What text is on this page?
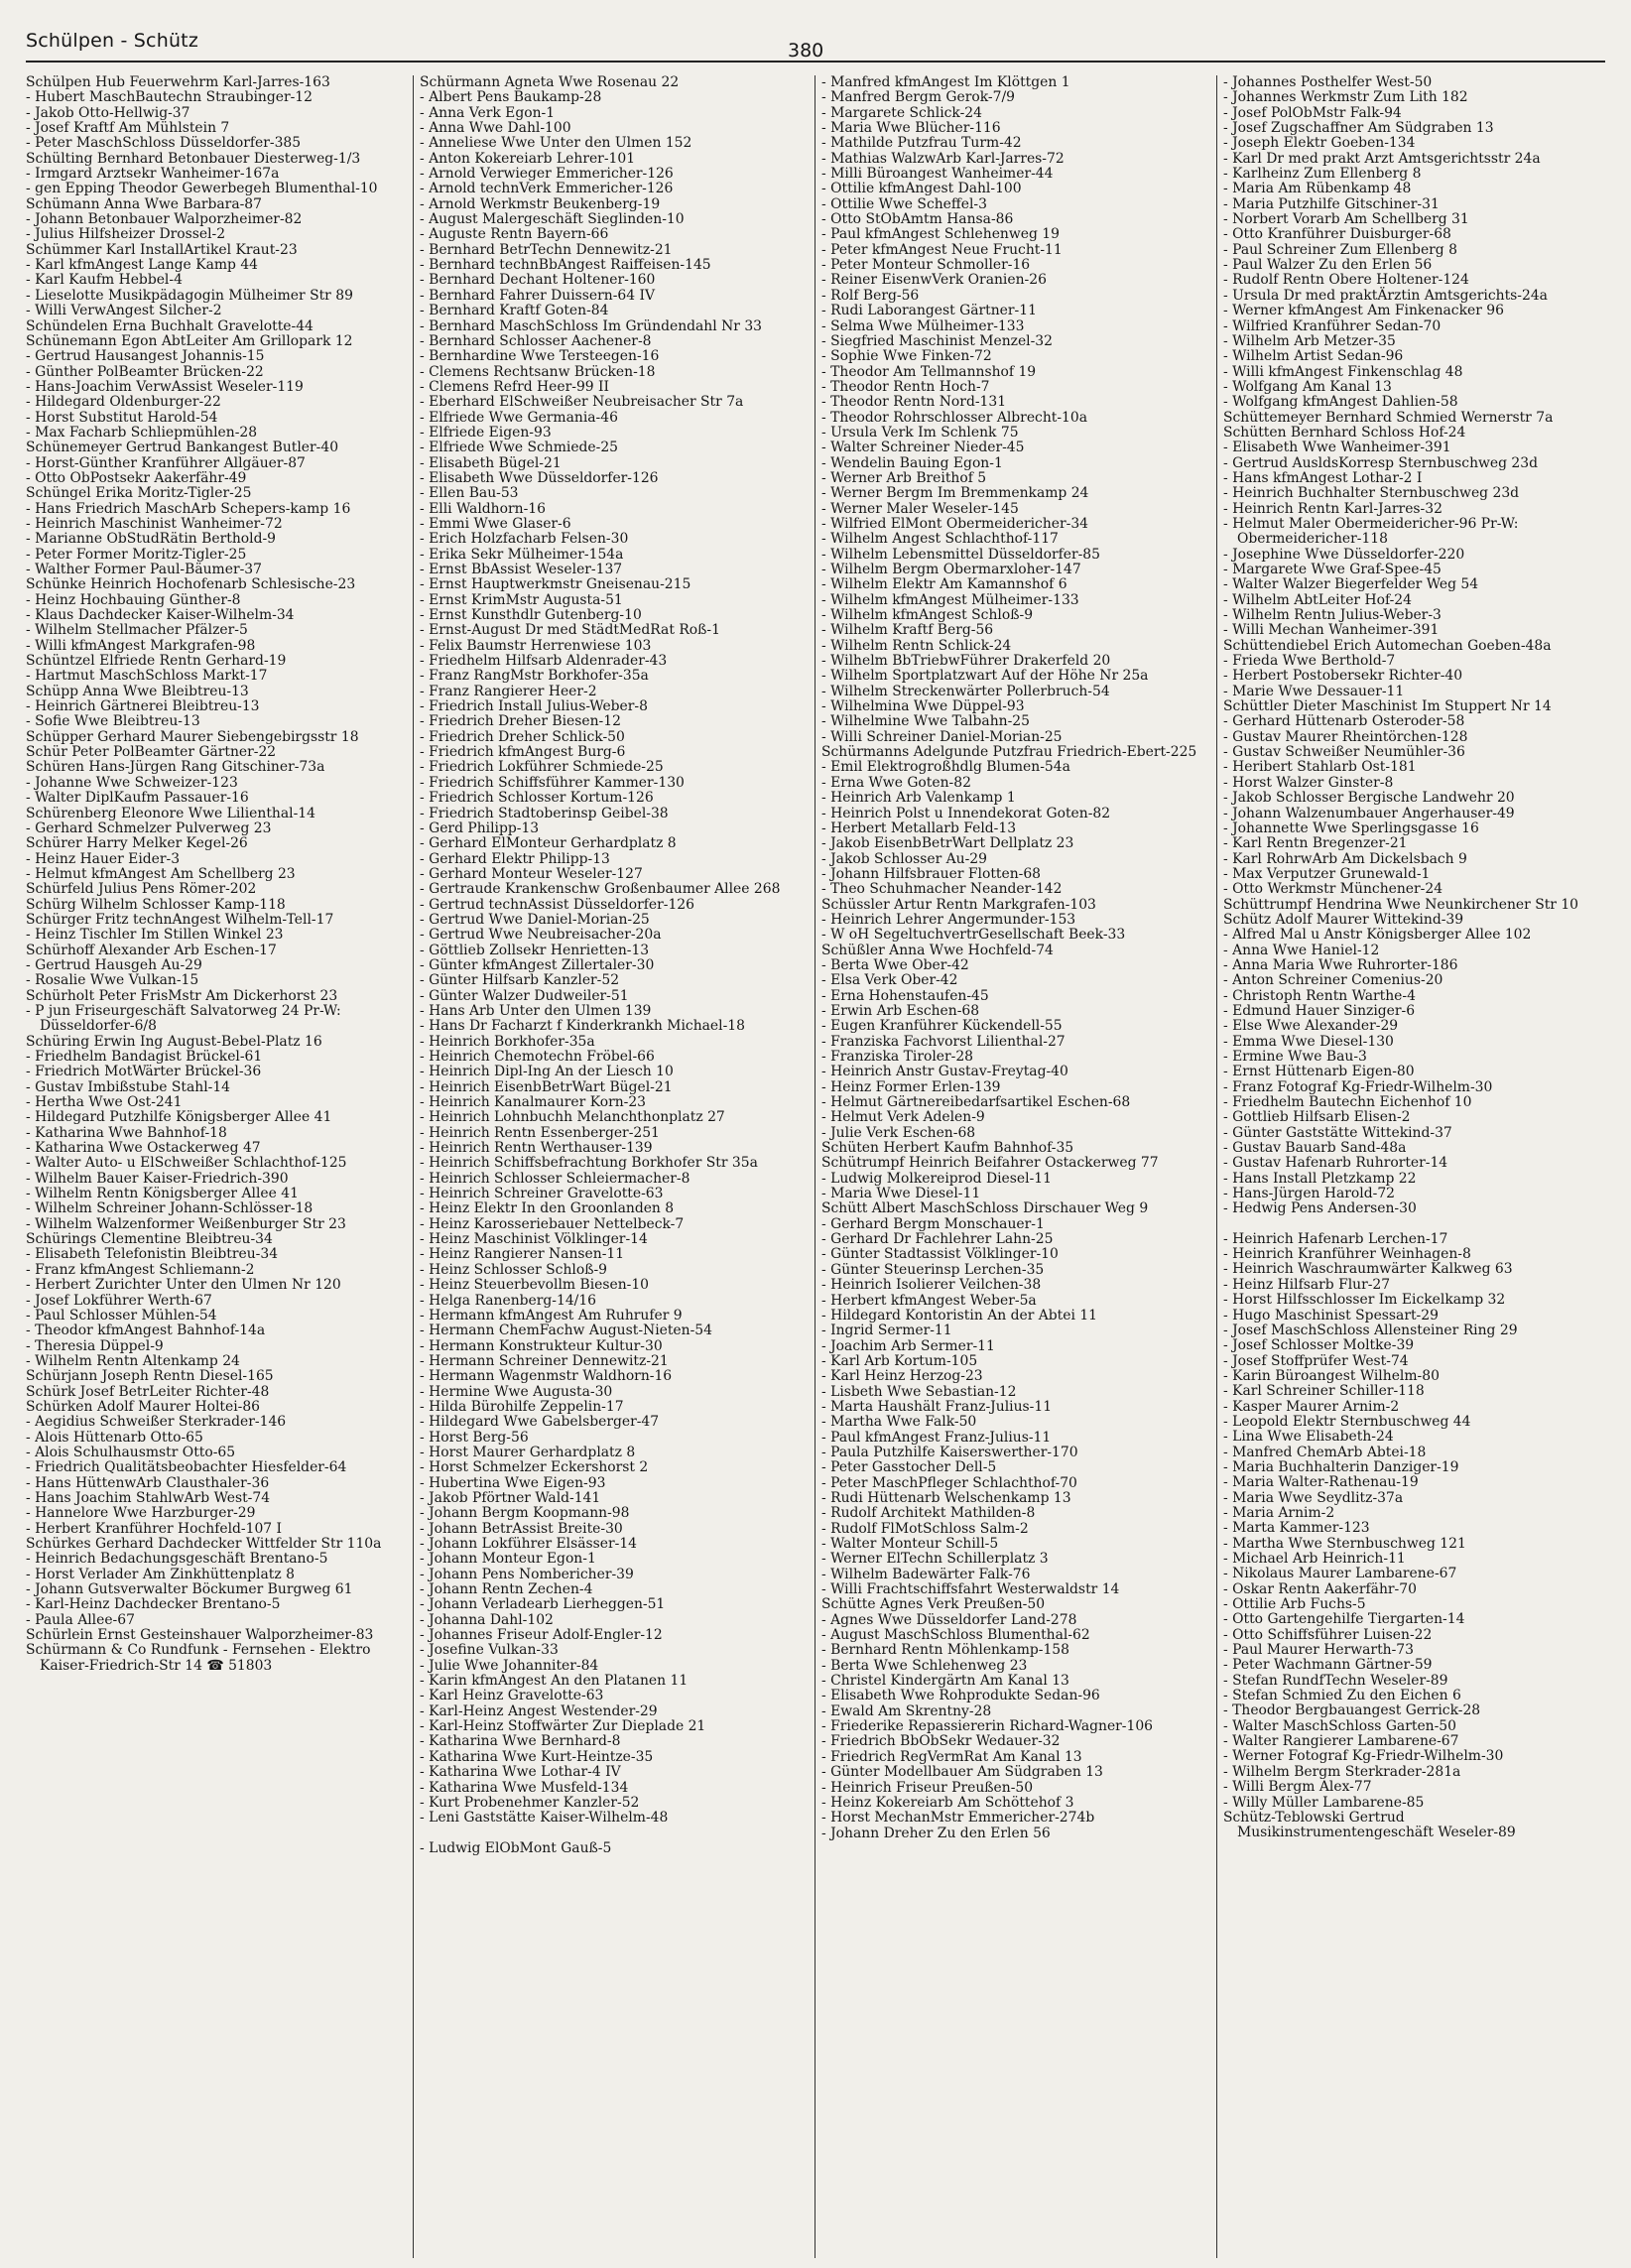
Schülpen - Schütz	380
Schülpen Hub Feuerwehrm Karl-Jarres-163
- Hubert MaschBautechn Straubinger-12
- Jakob Otto-Hellwig-37
- Josef Kraftf Am Mühlstein 7
- Peter MaschSchloss Düsseldorfer-385
Schülting Bernhard Betonbauer Diesterweg-1/3
- Irmgard Arztsekr Wanheimer-167a
- gen Epping Theodor Gewerbegeh Blumenthal-10
Schümann Anna Wwe Barbara-87
- Johann Betonbauer Walporzheimer-82
- Julius Hilfsheizer Drossel-2
Schümmer Karl InstallArtikel Kraut-23
- Karl kfmAngest Lange Kamp 44
- Karl Kaufm Hebbel-4
- Lieselotte Musikpädagogin Mülheimer Str 89
- Willi VerwAngest Silcher-2
Schündelen Erna Buchhalt Gravelotte-44
Schünemann Egon AbtLeiter Am Grillopark 12
- Gertrud Hausangest Johannis-15
- Günther PolBeamter Brücken-22
- Hans-Joachim VerwAssist Weseler-119
- Hildegard Oldenburger-22
- Horst Substitut Harold-54
- Max Facharb Schliepmühlen-28
Schünemeyer Gertrud Bankangest Butler-40
- Horst-Günther Kranführer Allgäuer-87
- Otto ObPostsekr Aakerfähr-49
Schüngel Erika Moritz-Tigler-25
- Hans Friedrich MaschArb Schepers-kamp 16
- Heinrich Maschinist Wanheimer-72
- Marianne ObStudRätin Berthold-9
- Peter Former Moritz-Tigler-25
- Walther Former Paul-Bäumer-37
Schünke Heinrich Hochofenarb Schlesische-23
- Heinz Hochbauing Günther-8
- Klaus Dachdecker Kaiser-Wilhelm-34
- Wilhelm Stellmacher Pfälzer-5
- Willi kfmAngest Markgrafen-98
Schüntzel Elfriede Rentn Gerhard-19
- Hartmut MaschSchloss Markt-17
Schüpp Anna Wwe Bleibtreu-13
- Heinrich Gärtnerei Bleibtreu-13
- Sofie Wwe Bleibtreu-13
Schüpper Gerhard Maurer Siebengebirgsstr 18
Schür Peter PolBeamter Gärtner-22
Schüren Hans-Jürgen Rang Gitschiner-73a
- Johanne Wwe Schweizer-123
- Walter DiplKaufm Passauer-16
Schürenberg Eleonore Wwe Lilienthal-14
- Gerhard Schmelzer Pulverweg 23
Schürer Harry Melker Kegel-26
- Heinz Hauer Eider-3
- Helmut kfmAngest Am Schellberg 23
Schürfeld Julius Pens Römer-202
Schürg Wilhelm Schlosser Kamp-118
Schürger Fritz technAngest Wilhelm-Tell-17
- Heinz Tischler Im Stillen Winkel 23
Schürhoff Alexander Arb Eschen-17
- Gertrud Hausgeh Au-29
- Rosalie Wwe Vulkan-15
Schürholt Peter FrisMstr Am Dickerhorst 23
- P jun Friseurgeschäft Salvatorweg 24 Pr-W: Düsseldorfer-6/8
Schüring Erwin Ing August-Bebel-Platz 16
- Friedhelm Bandagist Brückel-61
- Friedrich MotWärter Brückel-36
- Gustav Imbißstube Stahl-14
- Hertha Wwe Ost-241
- Hildegard Putzhilfe Königsberger Allee 41
- Katharina Wwe Bahnhof-18
- Katharina Wwe Ostackerweg 47
- Walter Auto- u ElSchweißer Schlachthof-125
- Wilhelm Bauer Kaiser-Friedrich-390
- Wilhelm Rentn Königsberger Allee 41
- Wilhelm Schreiner Johann-Schlösser-18
- Wilhelm Walzenformer Weißenburger Str 23
Schürings Clementine Bleibtreu-34
- Elisabeth Telefonistin Bleibtreu-34
- Franz kfmAngest Schliemann-2
- Herbert Zurichter Unter den Ulmen Nr 120
- Josef Lokführer Werth-67
- Paul Schlosser Mühlen-54
- Theodor kfmAngest Bahnhof-14a
- Theresia Düppel-9
- Wilhelm Rentn Altenkamp 24
Schürjann Joseph Rentn Diesel-165
Schürk Josef BetrLeiter Richter-48
Schürken Adolf Maurer Holtei-86
- Aegidius Schweißer Sterkrader-146
- Alois Hüttenarb Otto-65
- Alois Schulhausmstr Otto-65
- Friedrich Qualitätsbeobachter Hiesfelder-64
- Hans HüttenwArb Clausthaler-36
- Hans Joachim StahlwArb West-74
- Hannelore Wwe Harzburger-29
- Herbert Kranführer Hochfeld-107 I
Schürkes Gerhard Dachdecker Wittfelder Str 110a
- Heinrich Bedachungsgeschäft Brentano-5
- Horst Verlader Am Zinkhüttenplatz 8
- Johann Gutsverwalter Böckumer Burgweg 61
- Karl-Heinz Dachdecker Brentano-5
- Paula Allee-67
Schürlein Ernst Gesteinshauer Walporzheimer-83
Schürmann & Co Rundfunk - Fernsehen - Elektro Kaiser-Friedrich-Str 14 ☎ 51803
Schürmann Agneta Wwe Rosenau 22
- Albert Pens Baukamp-28
- Anna Verk Egon-1
- Anna Wwe Dahl-100
- Anneliese Wwe Unter den Ulmen 152
- Anton Kokereiarb Lehrer-101
- Arnold Verwieger Emmericher-126
- Arnold technVerk Emmericher-126
- Arnold Werkmstr Beukenberg-19
- August Malergeschäft Sieglinden-10
- Auguste Rentn Bayern-66
- Bernhard BetrTechn Dennewitz-21
- Bernhard technBbAngest Raiffeisen-145
- Bernhard Dechant Holtener-160
- Bernhard Fahrer Duissern-64 IV
- Bernhard Kraftf Goten-84
- Bernhard MaschSchloss Im Gründendahl Nr 33
- Bernhard Schlosser Aachener-8
- Bernhardine Wwe Tersteegen-16
- Clemens Rechtsanw Brücken-18
- Clemens Refrd Heer-99 II
- Eberhard ElSchweißer Neubreisacher Str 7a
- Elfriede Wwe Germania-46
- Elfriede Eigen-93
- Elfriede Wwe Schmiede-25
- Elisabeth Bügel-21
- Elisabeth Wwe Düsseldorfer-126
- Ellen Bau-53
- Elli Waldhorn-16
- Emmi Wwe Glaser-6
- Erich Holzfacharb Felsen-30
- Erika Sekr Mülheimer-154a
- Ernst BbAssist Weseler-137
- Ernst Hauptwerkmstr Gneisenau-215
- Ernst KrimMstr Augusta-51
- Ernst Kunsthdlr Gutenberg-10
- Ernst-August Dr med StädtMedRat Roß-1
- Felix Baumstr Herrenwiese 103
- Friedhelm Hilfsarb Aldenrader-43
- Franz RangMstr Borkhofer-35a
- Franz Rangierer Heer-2
- Friedrich Install Julius-Weber-8
- Friedrich Dreher Biesen-12
- Friedrich Dreher Schlick-50
- Friedrich kfmAngest Burg-6
- Friedrich Lokführer Schmiede-25
- Friedrich Schiffsführer Kammer-130
- Friedrich Schlosser Kortum-126
- Friedrich Stadtoberinsp Geibel-38
- Gerd Philipp-13
- Gerhard ElMonteur Gerhardplatz 8
- Gerhard Elektr Philipp-13
- Gerhard Monteur Weseler-127
- Gertraude Krankenschw Großenbaumer Allee 268
- Gertrud technAssist Düsseldorfer-126
- Gertrud Wwe Daniel-Morian-25
- Gertrud Wwe Neubreisacher-20a
- Göttlieb Zollsekr Henrietten-13
- Günter kfmAngest Zillertaler-30
- Günter Hilfsarb Kanzler-52
- Günter Walzer Dudweiler-51
- Hans Arb Unter den Ulmen 139
- Hans Dr Facharzt f Kinderkrankh Michael-18
- Heinrich Borkhofer-35a
- Heinrich Chemotechn Fröbel-66
- Heinrich Dipl-Ing An der Liesch 10
- Heinrich EisenbBetrWart Bügel-21
- Heinrich Kanalmaurer Korn-23
- Heinrich Lohnbuchh Melanchthonplatz 27
- Heinrich Rentn Essenberger-251
- Heinrich Rentn Werthauser-139
- Heinrich Schiffsbefrachtung Borkhofer Str 35a
- Heinrich Schlosser Schleiermacher-8
- Heinrich Schreiner Gravelotte-63
- Heinz Elektr In den Groonlanden 8
- Heinz Karosseriebauer Nettelbeck-7
- Heinz Maschinist Völklinger-14
- Heinz Rangierer Nansen-11
- Heinz Schlosser Schloß-9
- Heinz Steuerbevollm Biesen-10
- Helga Ranenberg-14/16
- Hermann kfmAngest Am Ruhrufer 9
- Hermann ChemFachw August-Nieten-54
- Hermann Konstrukteur Kultur-30
- Hermann Schreiner Dennewitz-21
- Hermann Wagenmstr Waldhorn-16
- Hermine Wwe Augusta-30
- Hilda Bürohilfe Zeppelin-17
- Hildegard Wwe Gabelsberger-47
- Horst Berg-56
- Horst Maurer Gerhardplatz 8
- Horst Schmelzer Eckershorst 2
- Hubertina Wwe Eigen-93
- Jakob Pförtner Wald-141
- Johann Bergm Koopmann-98
- Johann BetrAssist Breite-30
- Johann Lokführer Elsässer-14
- Johann Monteur Egon-1
- Johann Pens Nombericher-39
- Johann Rentn Zechen-4
- Johann Verladearb Lierheggen-51
- Johanna Dahl-102
- Johannes Friseur Adolf-Engler-12
- Josefine Vulkan-33
- Julie Wwe Johanniter-84
- Karin kfmAngest An den Platanen 11
- Karl Heinz Gravelotte-63
- Karl-Heinz Angest Westender-29
- Karl-Heinz Stoffwärter Zur Dieplade 21
- Katharina Wwe Bernhard-8
- Katharina Wwe Kurt-Heintze-35
- Katharina Wwe Lothar-4 IV
- Katharina Wwe Musfeld-134
- Kurt Probenehmer Kanzler-52
- Leni Gaststätte Kaiser-Wilhelm-48
- Ludwig ElObMont Gauß-5
- Manfred kfmAngest Im Klöttgen 1
- Manfred Bergm Gerok-7/9
- Margarete Schlick-24
- Maria Wwe Blücher-116
- Mathilde Putzfrau Turm-42
- Mathias WalzwArb Karl-Jarres-72
- Milli Büroangest Wanheimer-44
- Ottilie kfmAngest Dahl-100
- Ottilie Wwe Scheffel-3
- Otto StObAmtm Hansa-86
- Paul kfmAngest Schlehenweg 19
- Peter kfmAngest Neue Frucht-11
- Peter Monteur Schmoller-16
- Reiner EisenwVerk Oranien-26
- Rolf Berg-56
- Rudi Laborangest Gärtner-11
- Selma Wwe Mülheimer-133
- Siegfried Maschinist Menzel-32
- Sophie Wwe Finken-72
- Theodor Am Tellmannshof 19
- Theodor Rentn Hoch-7
- Theodor Rentn Nord-131
- Theodor Rohrschlosser Albrecht-10a
- Ursula Verk Im Schlenk 75
- Walter Schreiner Nieder-45
- Wendelin Bauing Egon-1
- Werner Arb Breithof 5
- Werner Bergm Im Bremmenkamp 24
- Werner Maler Weseler-145
- Wilfried ElMont Obermeidericher-34
- Wilhelm Angest Schlachthof-117
- Wilhelm Lebensmittel Düsseldorfer-85
- Wilhelm Bergm Obermarxloher-147
- Wilhelm Elektr Am Kamannshof 6
- Wilhelm kfmAngest Mülheimer-133
- Wilhelm kfmAngest Schloß-9
- Wilhelm Kraftf Berg-56
- Wilhelm Rentn Schlick-24
- Wilhelm BbTriebwFührer Drakerfeld 20
- Wilhelm Sportplatzwart Auf der Höhe Nr 25a
- Wilhelm Streckenwärter Pollerbruch-54
- Wilhelmina Wwe Düppel-93
- Wilhelmine Wwe Talbahn-25
- Willi Schreiner Daniel-Morian-25
Schürmanns Adelgunde Putzfrau Friedrich-Ebert-225
- Emil Elektrogroßhdlg Blumen-54a
- Erna Wwe Goten-82
- Heinrich Arb Valenkamp 1
- Heinrich Polst u Innendekorat Goten-82
- Herbert Metallarb Feld-13
- Jakob EisenbBetrWart Dellplatz 23
- Jakob Schlosser Au-29
- Johann Hilfsbrauer Flotten-68
- Theo Schuhmacher Neander-142
Schüssler Artur Rentn Markgrafen-103
- Heinrich Lehrer Angermunder-153
- W oH SegeltuchvertrGesellschaft Beek-33
Schüßler Anna Wwe Hochfeld-74
- Berta Wwe Ober-42
- Elsa Verk Ober-42
- Erna Hohenstaufen-45
- Erwin Arb Eschen-68
- Eugen Kranführer Kückendell-55
- Franziska Fachvorst Lilienthal-27
- Franziska Tiroler-28
- Heinrich Anstr Gustav-Freytag-40
- Heinz Former Erlen-139
- Helmut Gärtnereibedarfsartikel Eschen-68
- Helmut Verk Adelen-9
- Julie Verk Eschen-68
Schüten Herbert Kaufm Bahnhof-35
Schütrumpf Heinrich Beifahrer Ostackerweg 77
- Ludwig Molkereiprod Diesel-11
- Maria Wwe Diesel-11
Schütt Albert MaschSchloss Dirschauer Weg 9
- Gerhard Bergm Monschauer-1
- Gerhard Dr Fachlehrer Lahn-25
- Günter Stadtassist Völklinger-10
- Günter Steuerinsp Lerchen-35
- Heinrich Isolierer Veilchen-38
- Herbert kfmAngest Weber-5a
- Hildegard Kontoristin An der Abtei 11
- Ingrid Sermer-11
- Joachim Arb Sermer-11
- Karl Arb Kortum-105
- Karl Heinz Herzog-23
- Lisbeth Wwe Sebastian-12
- Marta Haushält Franz-Julius-11
- Martha Wwe Falk-50
- Paul kfmAngest Franz-Julius-11
- Paula Putzhilfe Kaiserswerther-170
- Peter Gasstocher Dell-5
- Peter MaschPfleger Schlachthof-70
- Rudi Hüttenarb Welschenkamp 13
- Rudolf Architekt Mathilden-8
- Rudolf FlMotSchloss Salm-2
- Walter Monteur Schill-5
- Werner ElTechn Schillerplatz 3
- Wilhelm Badewärter Falk-76
- Willi Frachtschiffsfahrt Westerwaldstr 14
Schütte Agnes Verk Preußen-50
- Agnes Wwe Düsseldorfer Land-278
- August MaschSchloss Blumenthal-62
- Bernhard Rentn Möhlenkamp-158
- Berta Wwe Schlehenweg 23
- Christel Kindergärtn Am Kanal 13
- Elisabeth Wwe Rohprodukte Sedan-96
- Ewald Am Skrentny-28
- Friederike Repassiererin Richard-Wagner-106
- Friedrich BbObSekr Wedauer-32
- Friedrich RegVermRat Am Kanal 13
- Günter Modellbauer Am Südgraben 13
- Heinrich Friseur Preußen-50
- Heinz Kokereiarb Am Schöttehof 3
- Horst MechanMstr Emmericher-274b
- Johann Dreher Zu den Erlen 56
- Johannes Posthelfer West-50
- Johannes Werkmstr Zum Lith 182
- Josef PolObMstr Falk-94
- Josef Zugschaffner Am Südgraben 13
- Joseph Elektr Goeben-134
- Karl Dr med prakt Arzt Amtsgerichtsstr 24a
- Karlheinz Zum Ellenberg 8
- Maria Am Rübenkamp 48
- Maria Putzhilfe Gitschiner-31
- Norbert Vorarb Am Schellberg 31
- Otto Kranführer Duisburger-68
- Paul Schreiner Zum Ellenberg 8
- Paul Walzer Zu den Erlen 56
- Rudolf Rentn Obere Holtener-124
- Ursula Dr med praktÄrztin Amtsgerichts-24a
- Werner kfmAngest Am Finkenacker 96
- Wilfried Kranführer Sedan-70
- Wilhelm Arb Metzer-35
- Wilhelm Artist Sedan-96
- Willi kfmAngest Finkenschlag 48
- Wolfgang Am Kanal 13
- Wolfgang kfmAngest Dahlien-58
Schüttemeyer Bernhard Schmied Wernerstr 7a
Schütten Bernhard Schloss Hof-24
- Elisabeth Wwe Wanheimer-391
- Gertrud AusldsKorresp Sternbuschweg 23d
- Hans kfmAngest Lothar-2 I
- Heinrich Buchhalter Sternbuschweg 23d
- Heinrich Rentn Karl-Jarres-32
- Helmut Maler Obermeidericher-96 Pr-W: Obermeidericher-118
- Josephine Wwe Düsseldorfer-220
- Margarete Wwe Graf-Spee-45
- Walter Walzer Biegerfelder Weg 54
- Wilhelm AbtLeiter Hof-24
- Wilhelm Rentn Julius-Weber-3
- Willi Mechan Wanheimer-391
Schüttendiebel Erich Automechan Goeben-48a
- Frieda Wwe Berthold-7
- Herbert Postobersekr Richter-40
- Marie Wwe Dessauer-11
Schüttler Dieter Maschinist Im Stuppert Nr 14
- Gerhard Hüttenarb Osteroder-58
- Gustav Maurer Rheintörchen-128
- Gustav Schweißer Neumühler-36
- Heribert Stahlarb Ost-181
- Horst Walzer Ginster-8
- Jakob Schlosser Bergische Landwehr 20
- Johann Walzenumbauer Angerhauser-49
- Johannette Wwe Sperlingsgasse 16
- Karl Rentn Bregenzer-21
- Karl RohrwArb Am Dickelsbach 9
- Max Verputzer Grunewald-1
- Otto Werkmstr Münchener-24
Schüttrumpf Hendrina Wwe Neunkirchener Str 10
Schütz Adolf Maurer Wittekind-39
- Alfred Mal u Anstr Königsberger Allee 102
- Anna Wwe Haniel-12
- Anna Maria Wwe Ruhrorter-186
- Anton Schreiner Comenius-20
- Christoph Rentn Warthe-4
- Edmund Hauer Sinziger-6
- Else Wwe Alexander-29
- Emma Wwe Diesel-130
- Ermine Wwe Bau-3
- Ernst Hüttenarb Eigen-80
- Franz Fotograf Kg-Friedr-Wilhelm-30
- Friedhelm Bautechn Eichenhof 10
- Gottlieb Hilfsarb Elisen-2
- Günter Gaststätte Wittekind-37
- Gustav Bauarb Sand-48a
- Gustav Hafenarb Ruhrorter-14
- Hans Install Pletzkamp 22
- Hans-Jürgen Harold-72
- Hedwig Pens Andersen-30
- Heinrich Hafenarb Lerchen-17
- Heinrich Kranführer Weinhagen-8
- Heinrich Waschraumwärter Kalkweg 63
- Heinz Hilfsarb Flur-27
- Horst Hilfsschlosser Im Eickelkamp 32
- Hugo Maschinist Spessart-29
- Josef MaschSchloss Allensteiner Ring 29
- Josef Schlosser Moltke-39
- Josef Stoffprüfer West-74
- Karin Büroangest Wilhelm-80
- Karl Schreiner Schiller-118
- Kasper Maurer Arnim-2
- Leopold Elektr Sternbuschweg 44
- Lina Wwe Elisabeth-24
- Manfred ChemArb Abtei-18
- Maria Buchhalterin Danziger-19
- Maria Walter-Rathenau-19
- Maria Wwe Seydlitz-37a
- Maria Arnim-2
- Marta Kammer-123
- Martha Wwe Sternbuschweg 121
- Michael Arb Heinrich-11
- Nikolaus Maurer Lambarene-67
- Oskar Rentn Aakerfähr-70
- Ottilie Arb Fuchs-5
- Otto Gartengehilfe Tiergarten-14
- Otto Schiffsführer Luisen-22
- Paul Maurer Herwarth-73
- Peter Wachmann Gärtner-59
- Stefan RundfTechn Weseler-89
- Stefan Schmied Zu den Eichen 6
- Theodor Bergbauangest Gerrick-28
- Walter MaschSchloss Garten-50
- Walter Rangierer Lambarene-67
- Werner Fotograf Kg-Friedr-Wilhelm-30
- Wilhelm Bergm Sterkrader-281a
- Willi Bergm Alex-77
- Willy Müller Lambarene-85
Schütz-Teblowski Gertrud Musikinstrumentengeschäft Weseler-89
